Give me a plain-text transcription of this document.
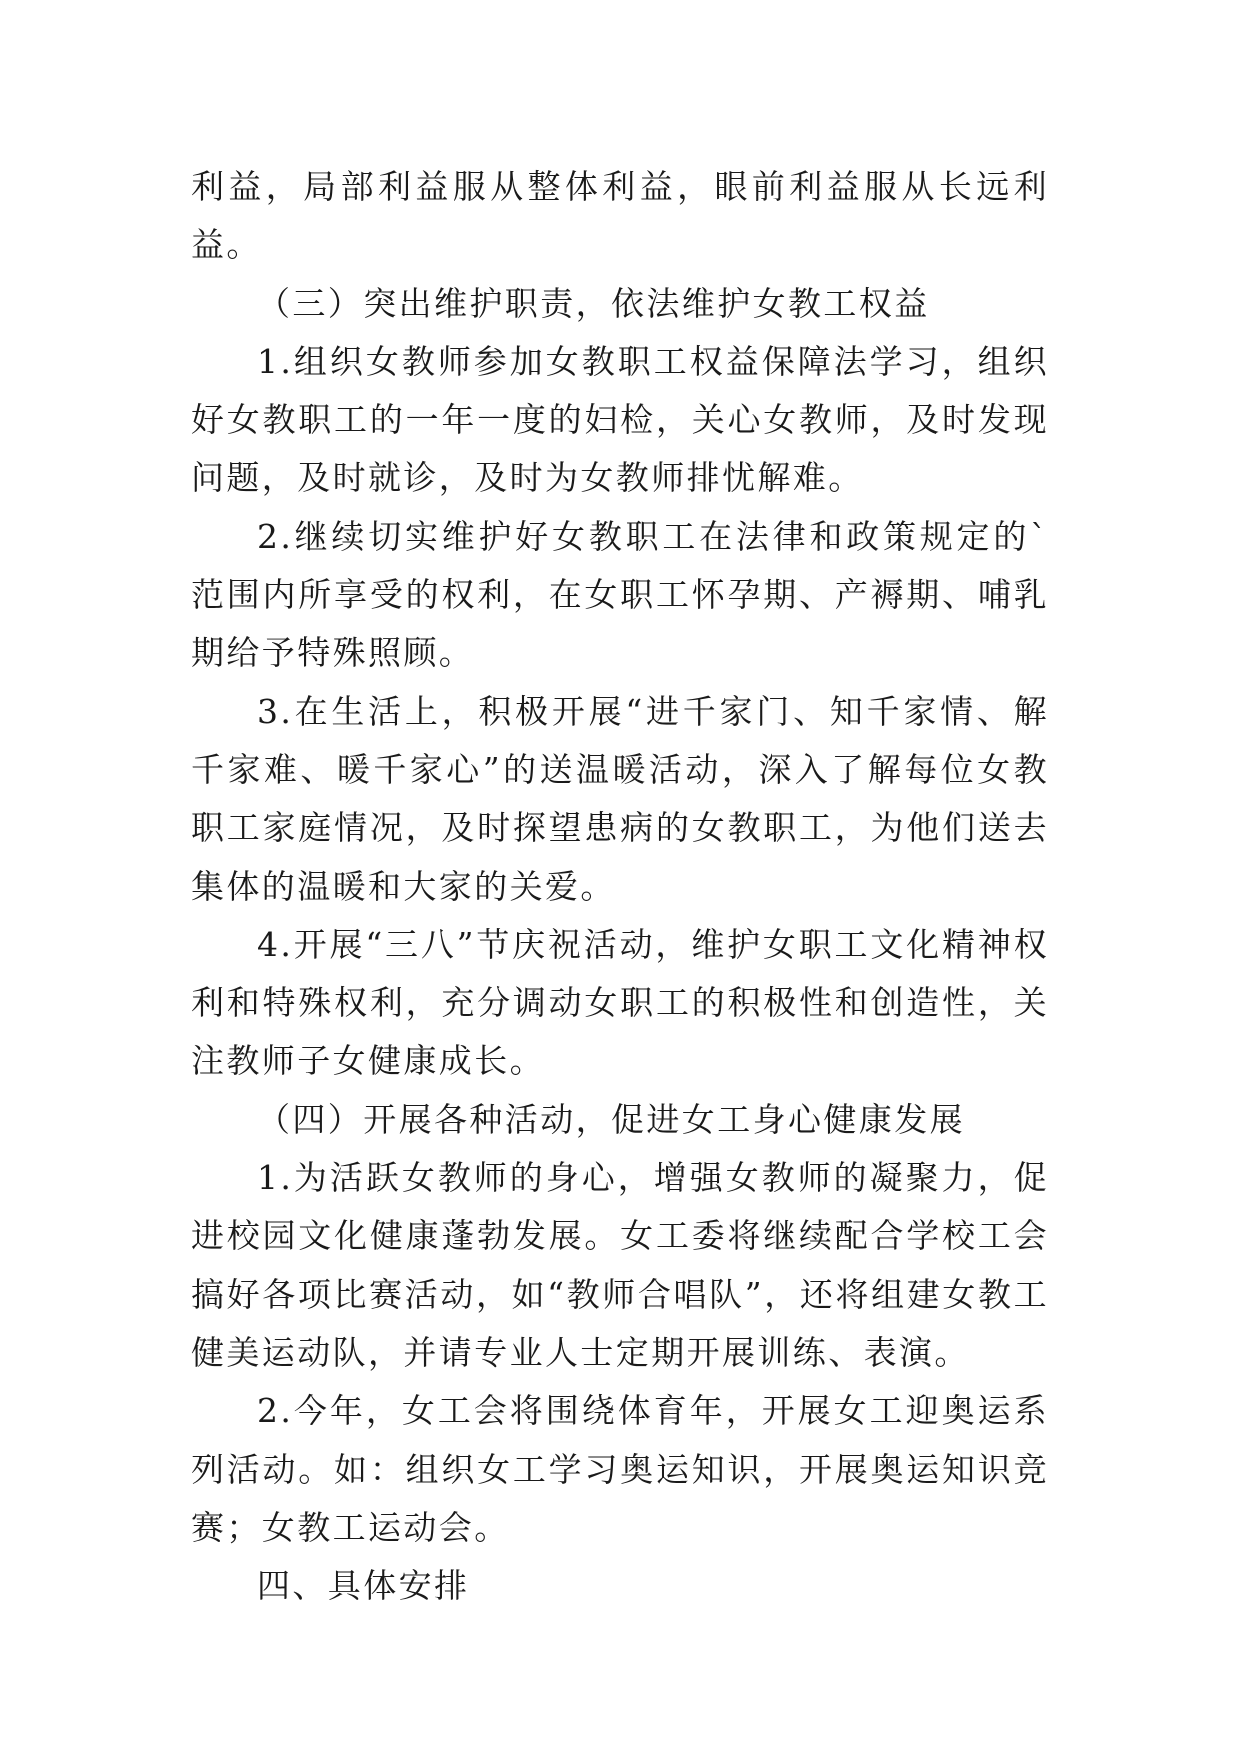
利益，局部利益服从整体利益，眼前利益服从长远利益。

（三）突出维护职责，依法维护女教工权益

1.组织女教师参加女教职工权益保障法学习，组织好女教职工的一年一度的妇检，关心女教师，及时发现问题，及时就诊，及时为女教师排忧解难。

2.继续切实维护好女教职工在法律和政策规定的`范围内所享受的权利，在女职工怀孕期、产褥期、哺乳期给予特殊照顾。

3.在生活上，积极开展“进千家门、知千家情、解千家难、暖千家心”的送温暖活动，深入了解每位女教职工家庭情况，及时探望患病的女教职工，为他们送去集体的温暖和大家的关爱。

4.开展“三八”节庆祝活动，维护女职工文化精神权利和特殊权利，充分调动女职工的积极性和创造性，关注教师子女健康成长。

（四）开展各种活动，促进女工身心健康发展

1.为活跃女教师的身心，增强女教师的凝聚力，促进校园文化健康蓬勃发展。女工委将继续配合学校工会搞好各项比赛活动，如“教师合唱队”，还将组建女教工健美运动队，并请专业人士定期开展训练、表演。

2.今年，女工会将围绕体育年，开展女工迎奥运系列活动。如：组织女工学习奥运知识，开展奥运知识竞赛；女教工运动会。

四、具体安排
